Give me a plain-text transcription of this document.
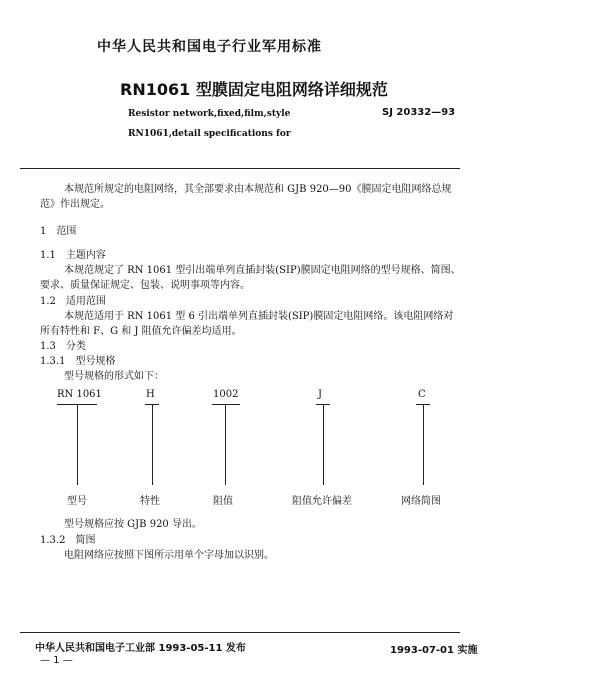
中华人民共和国电子行业军用标准
RN1061 型膜固定电阻网络详细规范
Resistor network,fixed,film,style
RN1061,detail specifications for
SJ 20332—93
本规范所规定的电阻网络，其全部要求由本规范和 GJB 920—90《膜固定电阻网络总规
范》作出规定。
1　范围
1.1　主题内容
本规范规定了 RN 1061 型引出端单列直插封装(SIP)膜固定电阻网络的型号规格、简图、
要求、质量保证规定、包装、说明事项等内容。
1.2　适用范围
本规范适用于 RN 1061 型 6 引出端单列直插封装(SIP)膜固定电阻网络。该电阻网络对
所有特性和 F、G 和 J 阻值允许偏差均适用。
1.3　分类
1.3.1　型号规格
型号规格的形式如下：
RN 1061	H	1002	J	C
型号	特性	阻值	阻值允许偏差	网络简图
型号规格应按 GJB 920 导出。
1.3.2　简图
电阻网络应按照下图所示用单个字母加以识别。
中华人民共和国电子工业部 1993-05-11 发布	1993-07-01 实施
— 1 —
